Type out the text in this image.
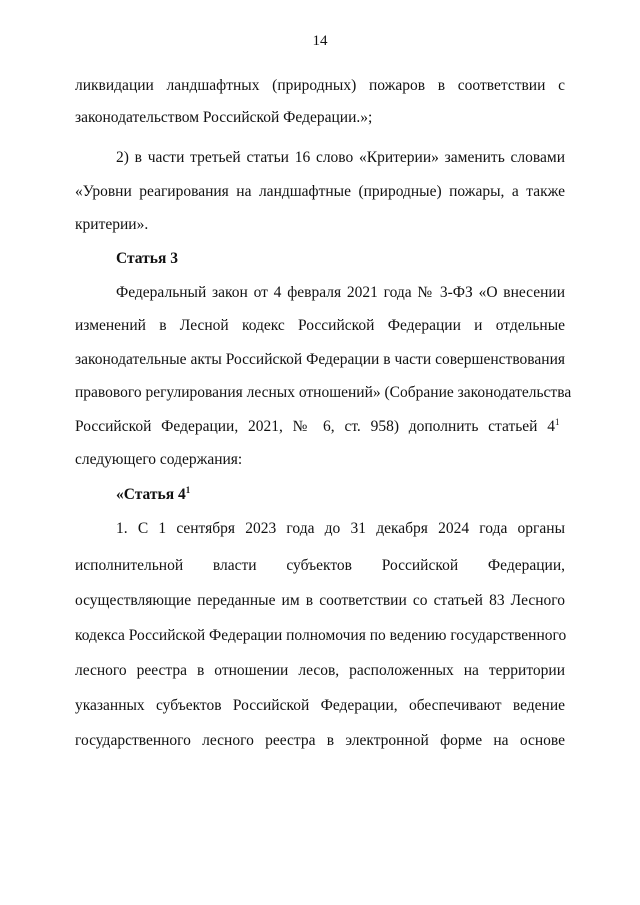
14
ликвидации ландшафтных (природных) пожаров в соответствии с
законодательством Российской Федерации.»;
2) в части третьей статьи 16 слово «Критерии» заменить словами
«Уровни реагирования на ландшафтные (природные) пожары, а также
критерии».
Статья 3
Федеральный закон от 4 февраля 2021 года № 3-ФЗ «О внесении
изменений в Лесной кодекс Российской Федерации и отдельные
законодательные акты Российской Федерации в части совершенствования
правового регулирования лесных отношений» (Собрание законодательства
Российской Федерации, 2021, № 6, ст. 958) дополнить статьей $4^1$
следующего содержания:
«Статья $4^1$
1. С 1 сентября 2023 года до 31 декабря 2024 года органы
исполнительной власти субъектов Российской Федерации,
осуществляющие переданные им в соответствии со статьей 83 Лесного
кодекса Российской Федерации полномочия по ведению государственного
лесного реестра в отношении лесов, расположенных на территории
указанных субъектов Российской Федерации, обеспечивают ведение
государственного лесного реестра в электронной форме на основе
